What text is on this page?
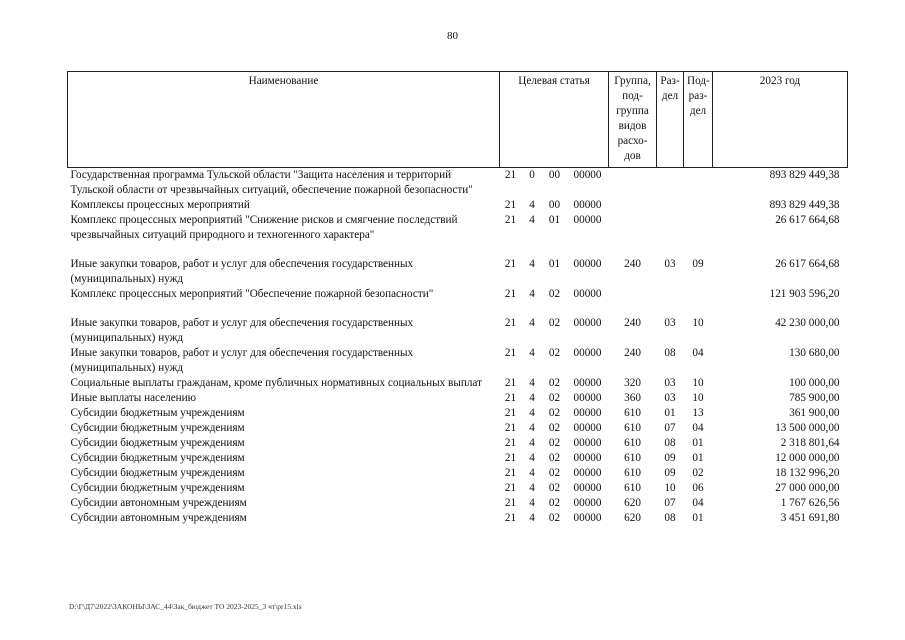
80
Наименование	Целевая статья				Группа, под- группа видов расхо- дов	Раз- дел	Под- раз- дел	2023 год
Государственная программа Тульской области "Защита населения и территорий Тульской области от чрезвычайных ситуаций, обеспечение пожарной безопасности"	21	0	00	00000				893 829 449,38
Комплексы процессных мероприятий	21	4	00	00000				893 829 449,38
Комплекс процессных мероприятий "Снижение рисков и смягчение последствий чрезвычайных ситуаций природного и техногенного характера"	21	4	01	00000				26 617 664,68
Иные закупки товаров, работ и услуг для обеспечения государственных (муниципальных) нужд	21	4	01	00000	240	03	09	26 617 664,68
Комплекс процессных мероприятий "Обеспечение пожарной безопасности"	21	4	02	00000				121 903 596,20
Иные закупки товаров, работ и услуг для обеспечения государственных (муниципальных) нужд	21	4	02	00000	240	03	10	42 230 000,00
Иные закупки товаров, работ и услуг для обеспечения государственных (муниципальных) нужд	21	4	02	00000	240	08	04	130 680,00
Социальные выплаты гражданам, кроме публичных нормативных социальных выплат	21	4	02	00000	320	03	10	100 000,00
Иные выплаты населению	21	4	02	00000	360	03	10	785 900,00
Субсидии бюджетным учреждениям	21	4	02	00000	610	01	13	361 900,00
Субсидии бюджетным учреждениям	21	4	02	00000	610	07	04	13 500 000,00
Субсидии бюджетным учреждениям	21	4	02	00000	610	08	01	2 318 801,64
Субсидии бюджетным учреждениям	21	4	02	00000	610	09	01	12 000 000,00
Субсидии бюджетным учреждениям	21	4	02	00000	610	09	02	18 132 996,20
Субсидии бюджетным учреждениям	21	4	02	00000	610	10	06	27 000 000,00
Субсидии автономным учреждениям	21	4	02	00000	620	07	04	1 767 626,56
Субсидии автономным учреждениям	21	4	02	00000	620	08	01	3 451 691,80
D:\Г\Д7\2022\ЗАКОНЫ\ЗАС_44\Зак_бюджет ТО 2023-2025_3 чт\pr15.xls
